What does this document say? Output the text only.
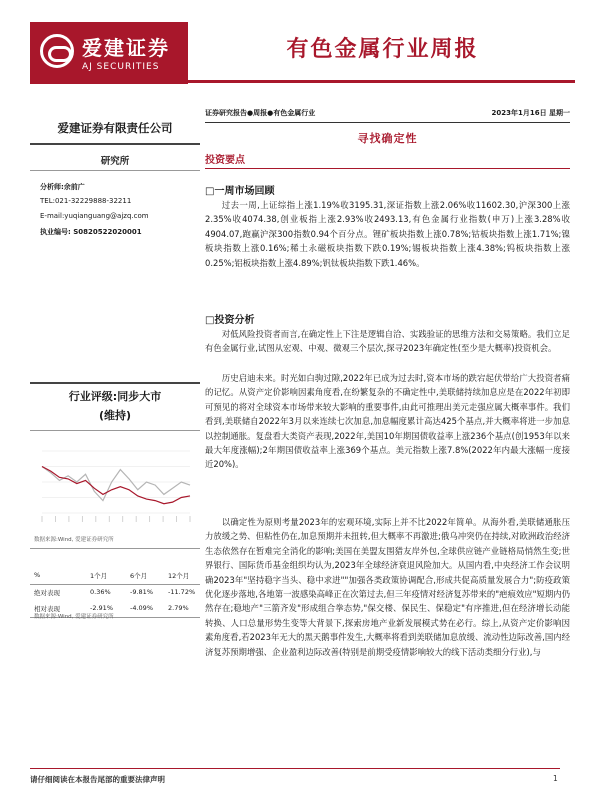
爱建证券
AJ SECURITIES
有色金属行业周报
爱建证券有限责任公司
研究所
分析师:余前广
TEL:021-32229888-32211
E-mail:yuqianguang@ajzq.com
执业编号: S0820522020001
行业评级:同步大市
(维持)
数据来源:Wind, 爱建证券研究所
%	1个月	6个月	12个月
绝对表现	0.36%	-9.81% -11.72%
相对表现	-2.91%	-4.09% 2.79%
数据来源:Wind, 爱建证券研究所
证券研究报告●周报●有色金属行业	2023年1月16日 星期一
寻找确定性
投资要点
□一周市场回顾
过去一周,上证综指上涨1.19%收3195.31,深证指数上涨2.06%收11602.30,沪深300上涨2.35%收4074.38,创业板指上涨2.93%收2493.13,有色金属行业指数(申万)上涨3.28%收4904.07,跑赢沪深300指数0.94个百分点。锂矿板块指数上涨0.78%;钴板块指数上涨1.71%;镍板块指数上涨0.16%;稀土永磁板块指数下跌0.19%;锡板块指数上涨4.38%;钨板块指数上涨0.25%;铝板块指数上涨4.89%;钒钛板块指数下跌1.46%。
□投资分析
对低风险投资者而言,在确定性上下注是逻辑自洽、实践验证的思维方法和交易策略。我们立足有色金属行业,试图从宏观、中观、微观三个层次,探寻2023年确定性(至少是大概率)投资机会。
历史启迪未来。时光如白驹过隙,2022年已成为过去时,资本市场的跌宕起伏带给广大投资者痛的记忆。从资产定价影响因素角度看,在纷繁复杂的不确定性中,美联储持续加息应是在2022年初即可预见的将对全球资本市场带来较大影响的重要事件,由此可推理出美元走强应属大概率事件。我们看到,美联储自2022年3月以来连续七次加息,加息幅度累计高达425个基点,并大概率将进一步加息以控制通胀。复盘看大类资产表现,2022年,美国10年期国债收益率上涨236个基点(创1953年以来最大年度涨幅);2年期国债收益率上涨369个基点。美元指数上涨7.8%(2022年内最大涨幅一度接近20%)。
以确定性为原则考量2023年的宏观环境,实际上并不比2022年简单。从海外看,美联储通胀压力放缓之势、但粘性仍在,加息预期并未扭转,但大概率不再激进;俄乌冲突仍在持续,对欧洲政治经济生态依然存在暂难完全消化的影响;美国在美盟友围猎友岸外包,全球供应链产业链格局悄然生变;世界银行、国际货币基金组织均认为,2023年全球经济衰退风险加大。从国内看,中央经济工作会议明确2023年"坚持稳字当头、稳中求进""加强各类政策协调配合,形成共促高质量发展合力";防疫政策优化逐步落地,各地第一波感染高峰正在次第过去,但三年疫情对经济复苏带来的"疤痕效应"短期内仍然存在;稳地产"三箭齐发"形成组合拳态势,"保交楼、保民生、保稳定"有序推进,但在经济增长动能转换、人口总量形势生变等大背景下,探索房地产业新发展模式势在必行。综上,从资产定价影响因素角度看,若2023年无大的黑天鹅事件发生,大概率将看到美联储加息放缓、流动性边际改善,国内经济复苏预期增强、企业盈利边际改善(特别是前期受疫情影响较大的线下活动类细分行业),与
请仔细阅读在本报告尾部的重要法律声明	1
